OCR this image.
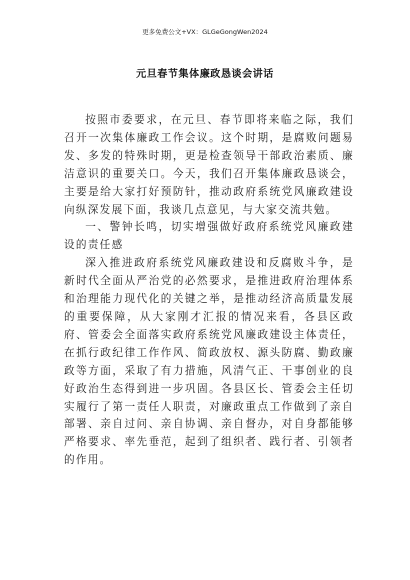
更多免费公文+VX：GLGeGongWen2024
元旦春节集体廉政恳谈会讲话

按照市委要求，在元旦、春节即将来临之际，我们召开一次集体廉政工作会议。这个时期，是腐败问题易发、多发的特殊时期，更是检查领导干部政治素质、廉洁意识的重要关口。今天，我们召开集体廉政恳谈会，主要是给大家打好预防针，推动政府系统党风廉政建设向纵深发展下面，我谈几点意见，与大家交流共勉。

一、警钟长鸣，切实增强做好政府系统党风廉政建设的责任感

深入推进政府系统党风廉政建设和反腐败斗争，是新时代全面从严治党的必然要求，是推进政府治理体系和治理能力现代化的关键之举，是推动经济高质量发展的重要保障，从大家刚才汇报的情况来看，各县区政府、管委会全面落实政府系统党风廉政建设主体责任，在抓行政纪律工作作风、简政放权、源头防腐、勤政廉政等方面，采取了有力措施，风清气正、干事创业的良好政治生态得到进一步巩固。各县区长、管委会主任切实履行了第一责任人职责，对廉政重点工作做到了亲自部署、亲自过问、亲自协调、亲自督办，对自身都能够严格要求、率先垂范，起到了组织者、践行者、引领者的作用。
